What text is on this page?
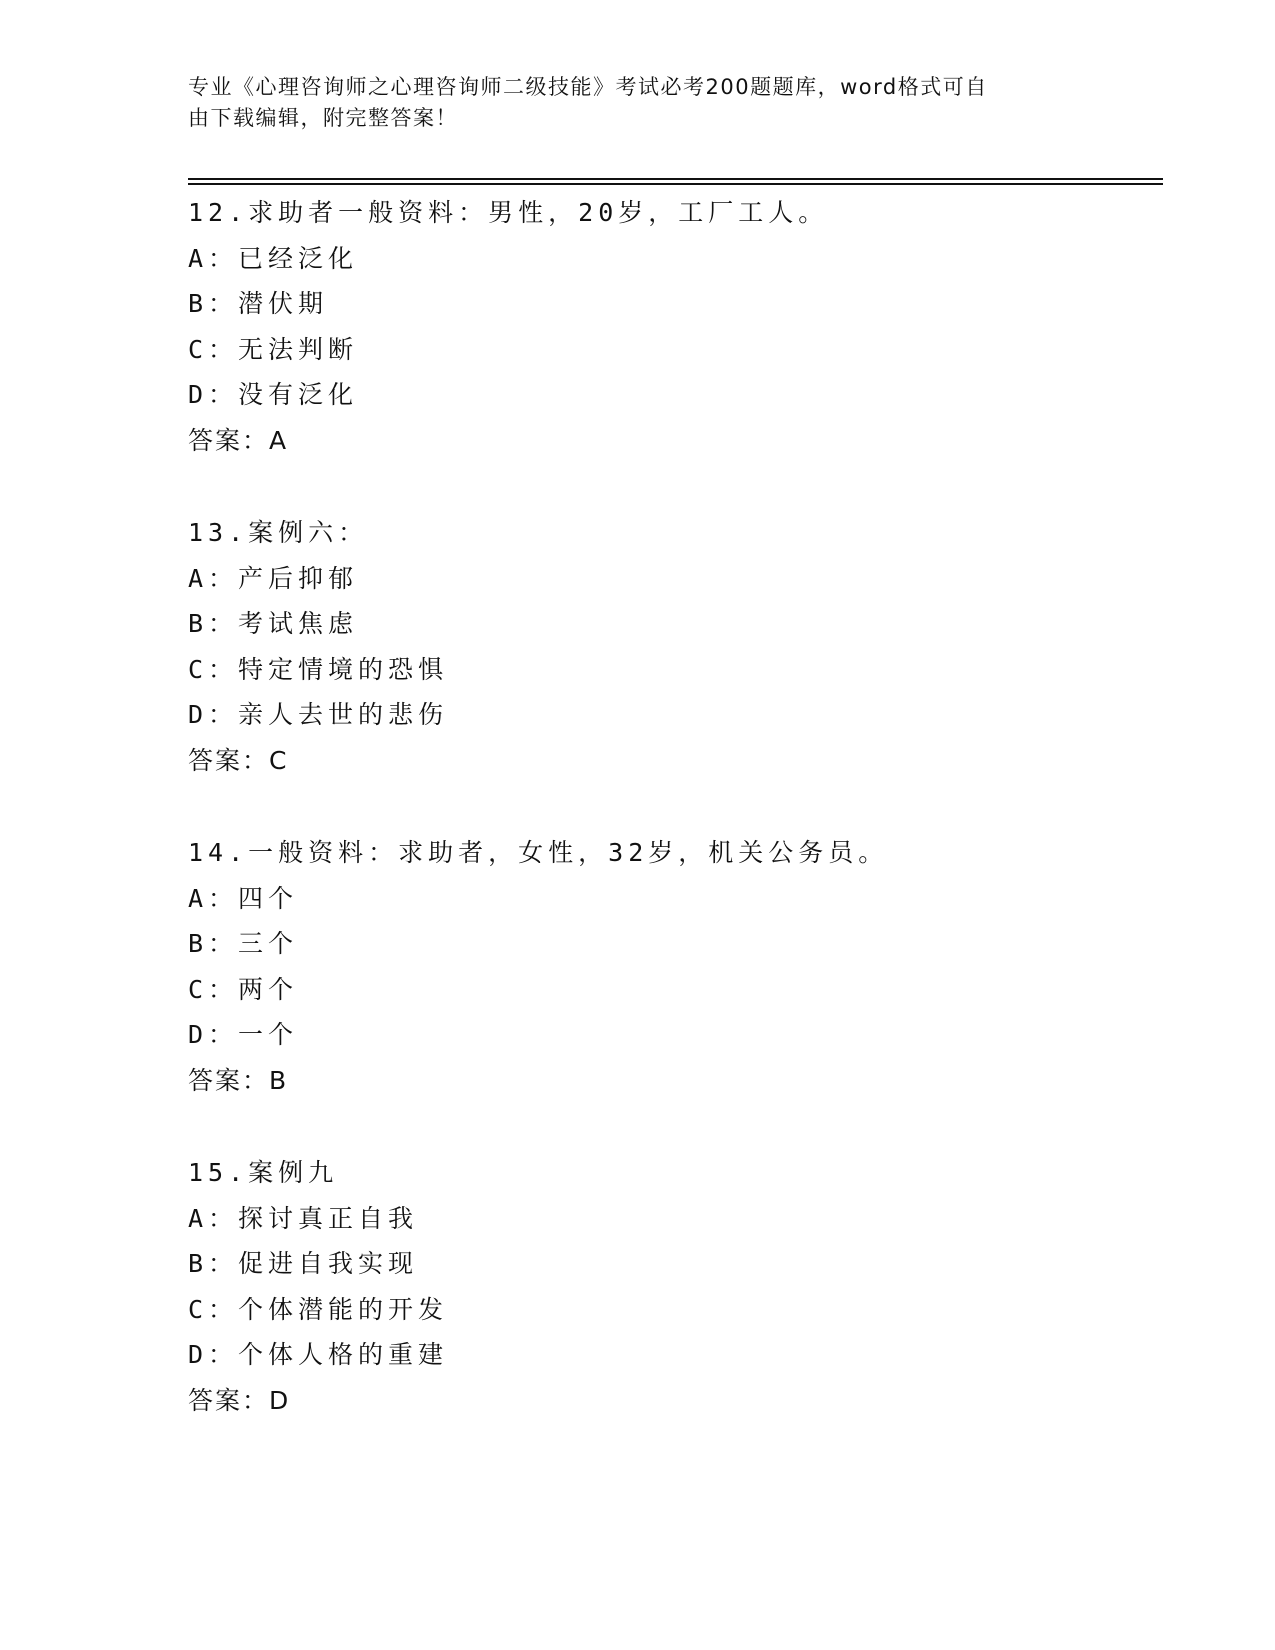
专业《心理咨询师之心理咨询师二级技能》考试必考200题题库，word格式可自
由下载编辑，附完整答案！
12.求助者一般资料：男性，20岁，工厂工人。
A：已经泛化
B：潜伏期
C：无法判断
D：没有泛化
答案：A
13.案例六：
A：产后抑郁
B：考试焦虑
C：特定情境的恐惧
D：亲人去世的悲伤
答案：C
14.一般资料：求助者，女性，32岁，机关公务员。
A：四个
B：三个
C：两个
D：一个
答案：B
15.案例九
A：探讨真正自我
B：促进自我实现
C：个体潜能的开发
D：个体人格的重建
答案：D
